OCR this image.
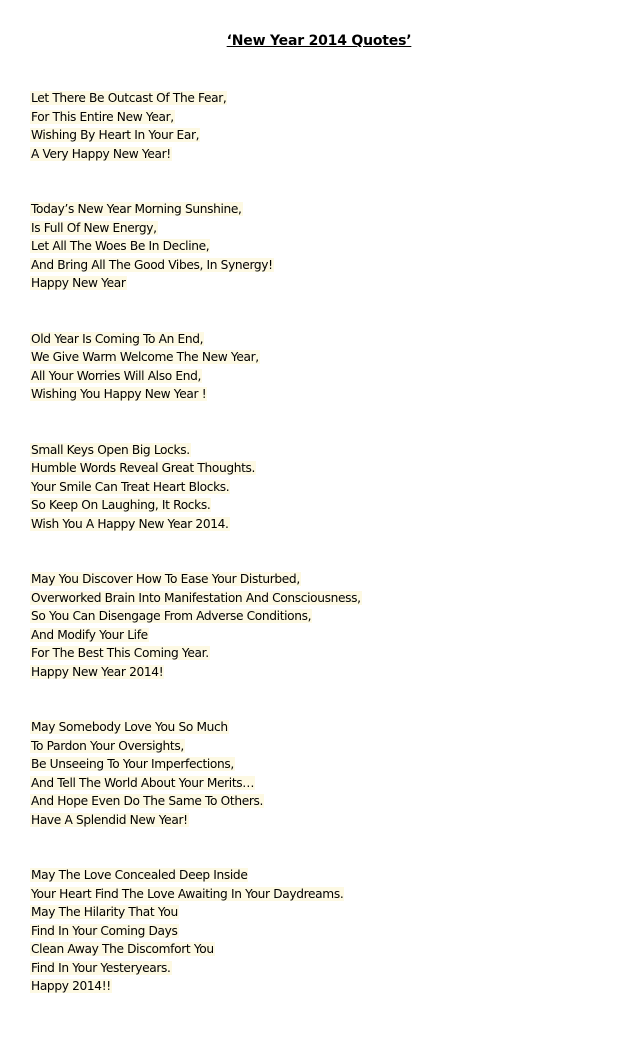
‘New Year 2014 Quotes’
Let There Be Outcast Of The Fear,
For This Entire New Year,
Wishing By Heart In Your Ear,
A Very Happy New Year!
Today’s New Year Morning Sunshine,
Is Full Of New Energy,
Let All The Woes Be In Decline,
And Bring All The Good Vibes, In Synergy!
Happy New Year
Old Year Is Coming To An End,
We Give Warm Welcome The New Year,
All Your Worries Will Also End,
Wishing You Happy New Year !
Small Keys Open Big Locks.
Humble Words Reveal Great Thoughts.
Your Smile Can Treat Heart Blocks.
So Keep On Laughing, It Rocks.
Wish You A Happy New Year 2014.
May You Discover How To Ease Your Disturbed,
Overworked Brain Into Manifestation And Consciousness,
So You Can Disengage From Adverse Conditions,
And Modify Your Life
For The Best This Coming Year.
Happy New Year 2014!
May Somebody Love You So Much
To Pardon Your Oversights,
Be Unseeing To Your Imperfections,
And Tell The World About Your Merits…
And Hope Even Do The Same To Others.
Have A Splendid New Year!
May The Love Concealed Deep Inside
Your Heart Find The Love Awaiting In Your Daydreams.
May The Hilarity That You
Find In Your Coming Days
Clean Away The Discomfort You
Find In Your Yesteryears.
Happy 2014!!
